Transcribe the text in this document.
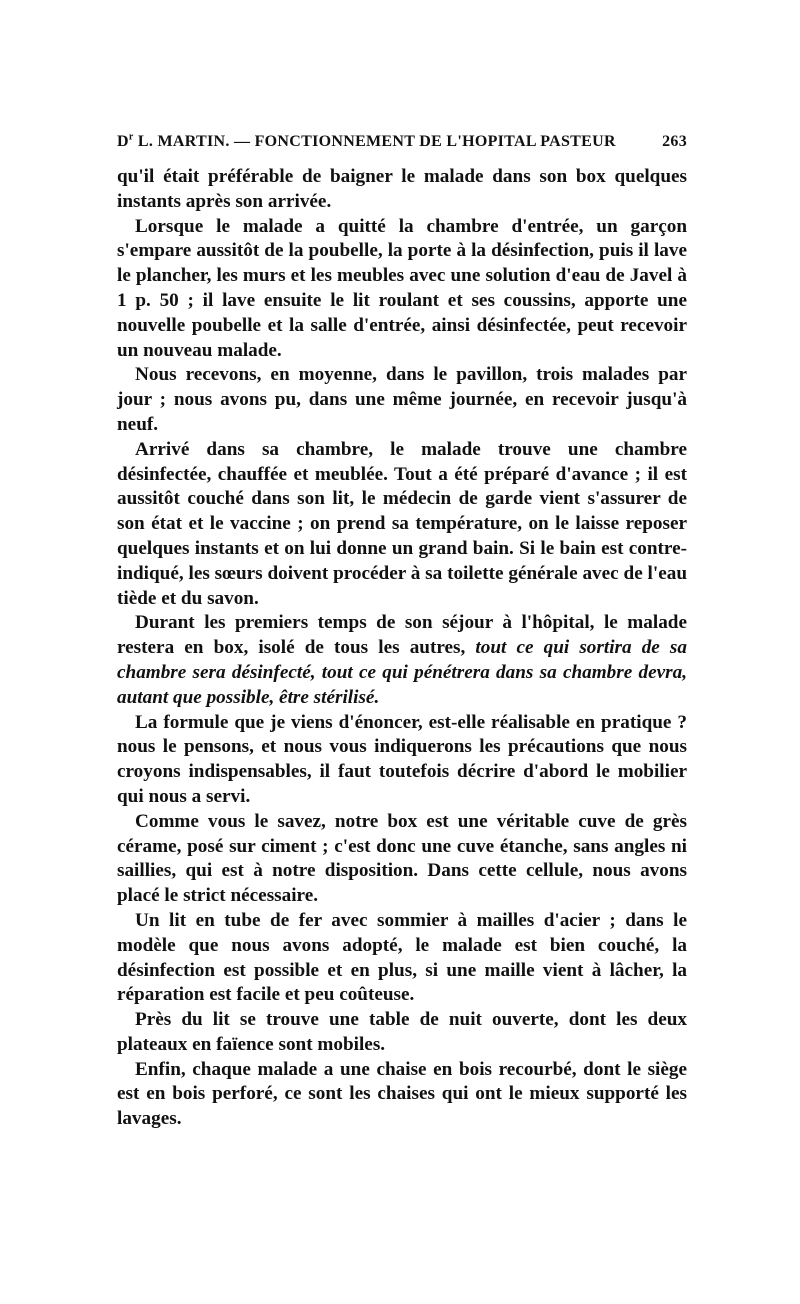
$D^r$ L. MARTIN. — FONCTIONNEMENT DE L'HOPITAL PASTEUR	263

qu'il était préférable de baigner le malade dans son box quelques instants après son arrivée.

Lorsque le malade a quitté la chambre d'entrée, un garçon s'empare aussitôt de la poubelle, la porte à la désinfection, puis il lave le plancher, les murs et les meubles avec une solution d'eau de Javel à 1 p. 50 ; il lave ensuite le lit roulant et ses coussins, apporte une nouvelle poubelle et la salle d'entrée, ainsi désinfectée, peut recevoir un nouveau malade.

Nous recevons, en moyenne, dans le pavillon, trois malades par jour ; nous avons pu, dans une même journée, en recevoir jusqu'à neuf.

Arrivé dans sa chambre, le malade trouve une chambre désinfectée, chauffée et meublée. Tout a été préparé d'avance ; il est aussitôt couché dans son lit, le médecin de garde vient s'assurer de son état et le vaccine ; on prend sa température, on le laisse reposer quelques instants et on lui donne un grand bain. Si le bain est contre-indiqué, les sœurs doivent procéder à sa toilette générale avec de l'eau tiède et du savon.

Durant les premiers temps de son séjour à l'hôpital, le malade restera en box, isolé de tous les autres, tout ce qui sortira de sa chambre sera désinfecté, tout ce qui pénétrera dans sa chambre devra, autant que possible, être stérilisé.

La formule que je viens d'énoncer, est-elle réalisable en pratique ? nous le pensons, et nous vous indiquerons les précautions que nous croyons indispensables, il faut toutefois décrire d'abord le mobilier qui nous a servi.

Comme vous le savez, notre box est une véritable cuve de grès cérame, posé sur ciment ; c'est donc une cuve étanche, sans angles ni saillies, qui est à notre disposition. Dans cette cellule, nous avons placé le strict nécessaire.

Un lit en tube de fer avec sommier à mailles d'acier ; dans le modèle que nous avons adopté, le malade est bien couché, la désinfection est possible et en plus, si une maille vient à lâcher, la réparation est facile et peu coûteuse.

Près du lit se trouve une table de nuit ouverte, dont les deux plateaux en faïence sont mobiles.

Enfin, chaque malade a une chaise en bois recourbé, dont le siège est en bois perforé, ce sont les chaises qui ont le mieux supporté les lavages.
